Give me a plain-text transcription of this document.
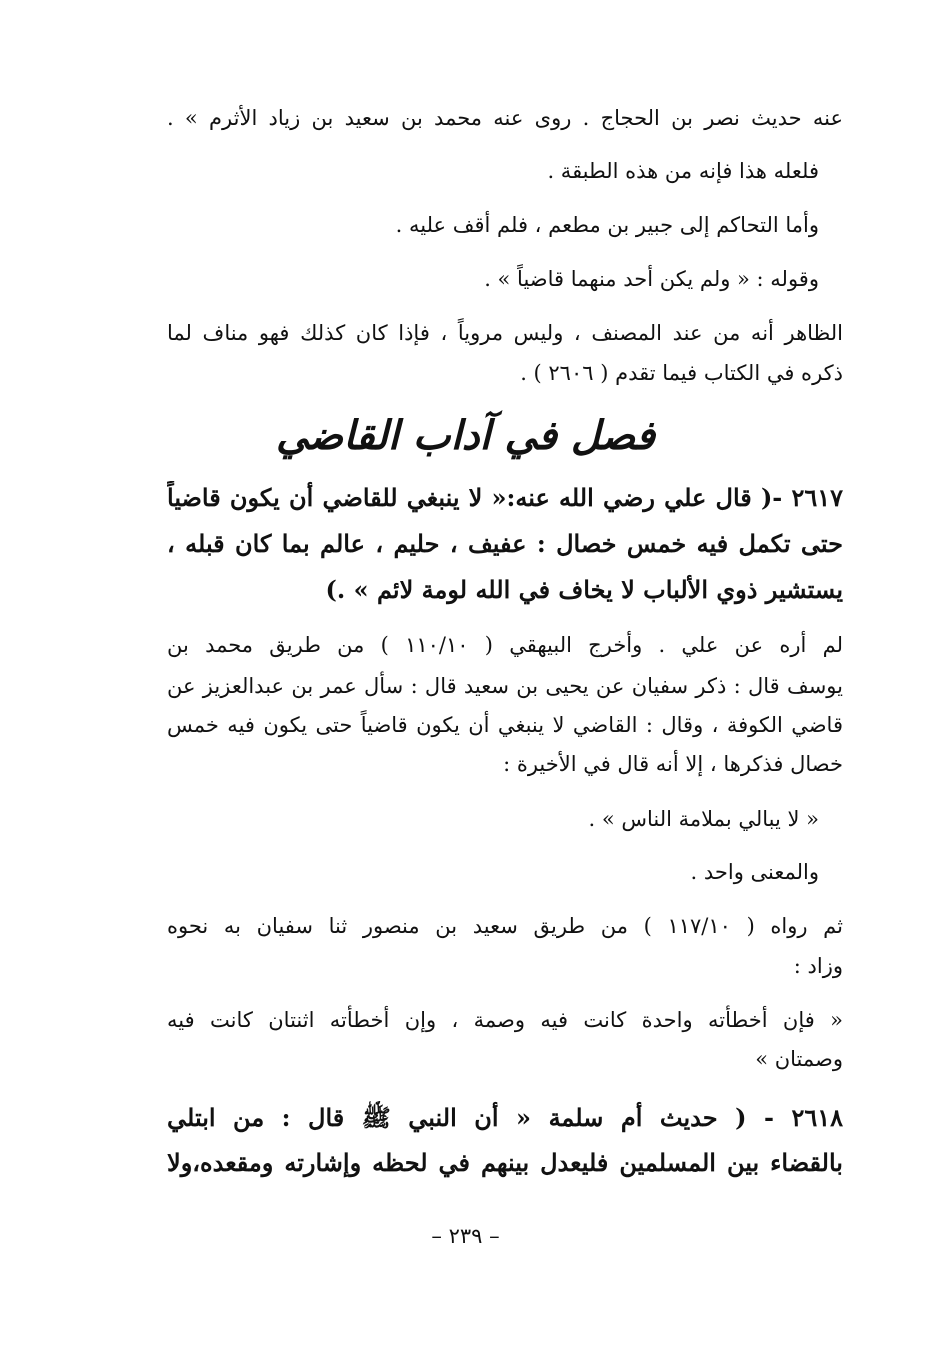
عنه حديث نصر بن الحجاج . روى عنه محمد بن سعيد بن زياد الأثرم » .
فلعله هذا فإنه من هذه الطبقة .
وأما التحاكم إلى جبير بن مطعم ، فلم أقف عليه .
وقوله : « ولم يكن أحد منهما قاضياً » .
الظاهر أنه من عند المصنف ، وليس مروياً ، فإذا كان كذلك فهو مناف لما
ذكره في الكتاب فيما تقدم ( ٢٦٠٦ ) .
فصل في آداب القاضي
٢٦١٧ -( قال علي رضي الله عنه:« لا ينبغي للقاضي أن يكون قاضياً
حتى تكمل فيه خمس خصال : عفيف ، حليم ، عالم بما كان قبله ،
يستشير ذوي الألباب لا يخاف في الله لومة لائم » .)
لم أره عن علي . وأخرج البيهقي ( ١١٠/١٠ ) من طريق محمد بن
يوسف قال : ذكر سفيان عن يحيى بن سعيد قال : سأل عمر بن عبدالعزيز عن
قاضي الكوفة ، وقال : القاضي لا ينبغي أن يكون قاضياً حتى يكون فيه خمس
خصال فذكرها ، إلا أنه قال في الأخيرة :
« لا يبالي بملامة الناس » .
والمعنى واحد .
ثم رواه ( ١١٧/١٠ ) من طريق سعيد بن منصور ثنا سفيان به نحوه
وزاد :
« فإن أخطأته واحدة كانت فيه وصمة ، وإن أخطأته اثنتان كانت فيه
وصمتان »
٢٦١٨ - ( حديث أم سلمة « أن النبي ﷺ قال : من ابتلي
بالقضاء بين المسلمين فليعدل بينهم في لحظه وإشارته ومقعده،ولا
– ٢٣٩ –
